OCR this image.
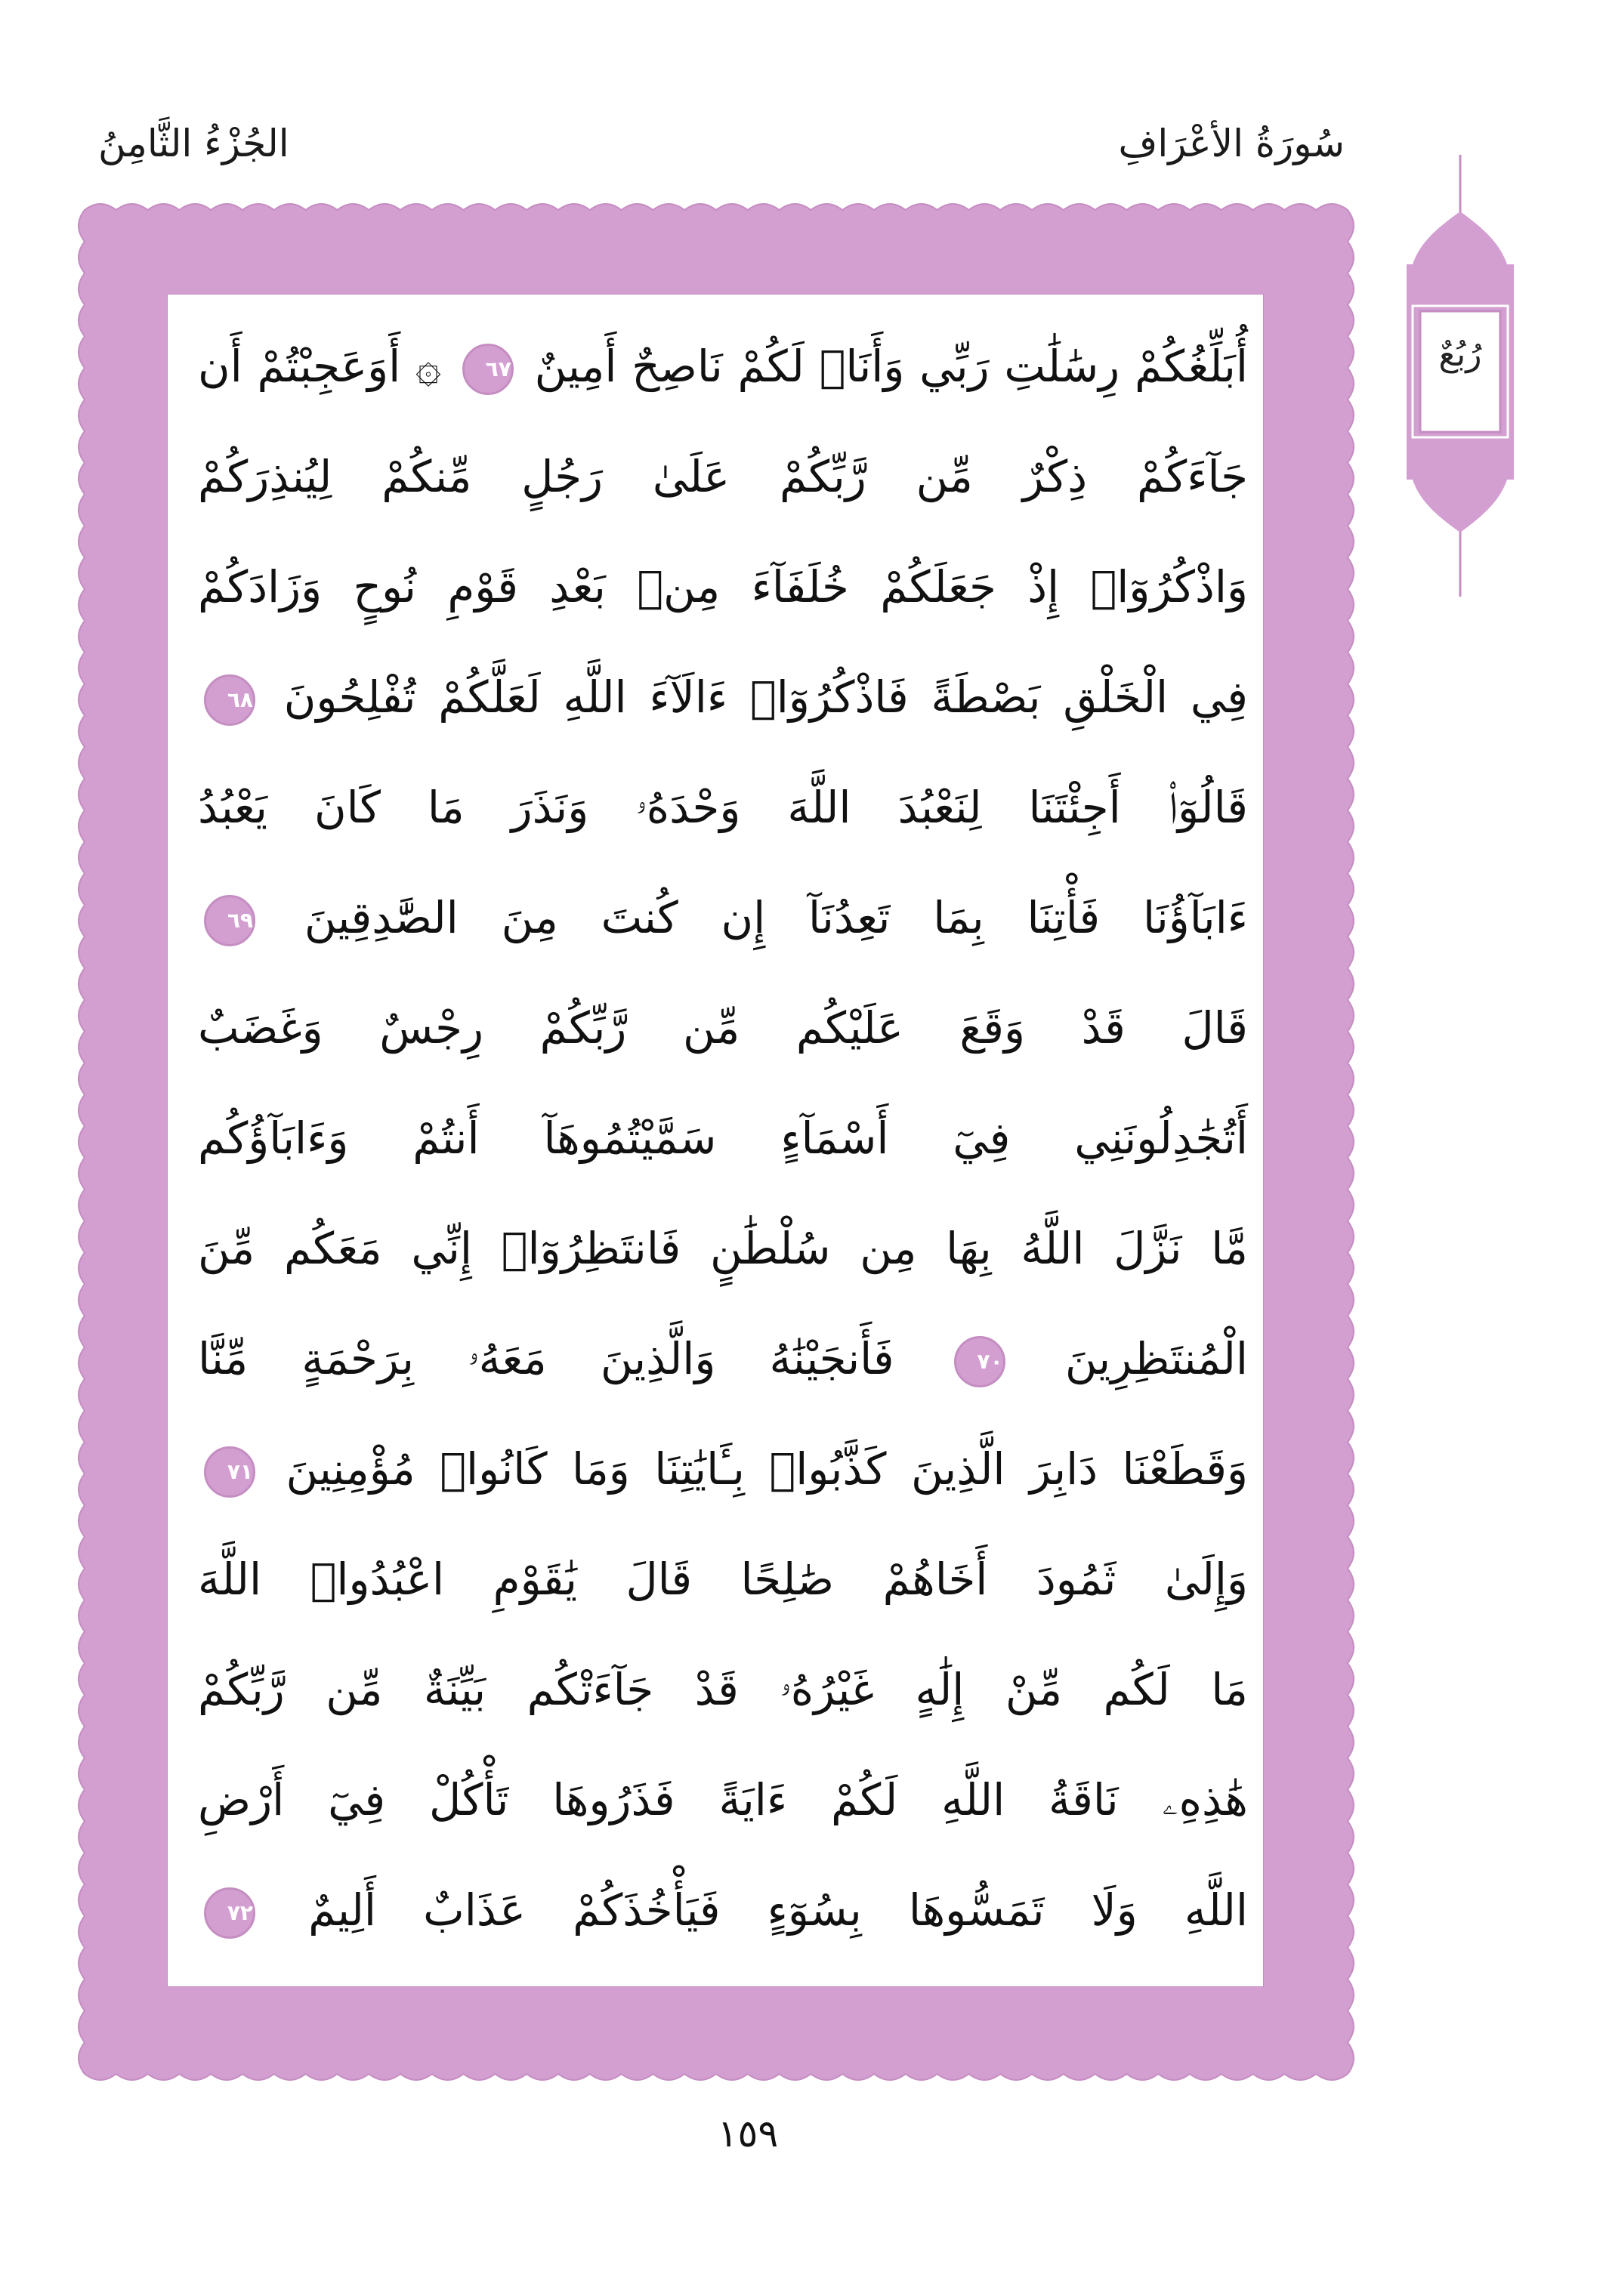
سُورَةُ الأعْرَافِ
الجُزْءُ الثَّامِنُ
رُبُعٌ
أُبَلِّغُكُمْ رِسَٰلَٰتِ رَبِّي وَأَنَا۠ لَكُمْ نَاصِحٌ أَمِينٌ ٦٧ ۞ أَوَعَجِبْتُمْ أَن
جَآءَكُمْ ذِكْرٌ مِّن رَّبِّكُمْ عَلَىٰ رَجُلٍ مِّنكُمْ لِيُنذِرَكُمْ
وَاذْكُرُوٓا۟ إِذْ جَعَلَكُمْ خُلَفَآءَ مِنۢ بَعْدِ قَوْمِ نُوحٍ وَزَادَكُمْ
فِي الْخَلْقِ بَصْطَةً فَاذْكُرُوٓا۟ ءَالَآءَ اللَّهِ لَعَلَّكُمْ تُفْلِحُونَ ٦٨
قَالُوٓا۟ أَجِئْتَنَا لِنَعْبُدَ اللَّهَ وَحْدَهُۥ وَنَذَرَ مَا كَانَ يَعْبُدُ
ءَابَآؤُنَا فَأْتِنَا بِمَا تَعِدُنَآ إِن كُنتَ مِنَ الصَّٰدِقِينَ ٦٩
قَالَ قَدْ وَقَعَ عَلَيْكُم مِّن رَّبِّكُمْ رِجْسٌ وَغَضَبٌ
أَتُجَٰدِلُونَنِي فِيٓ أَسْمَآءٍ سَمَّيْتُمُوهَآ أَنتُمْ وَءَابَآؤُكُم
مَّا نَزَّلَ اللَّهُ بِهَا مِن سُلْطَٰنٍ فَانتَظِرُوٓا۟ إِنِّي مَعَكُم مِّنَ
الْمُنتَظِرِينَ ٧٠ فَأَنجَيْنَٰهُ وَالَّذِينَ مَعَهُۥ بِرَحْمَةٍ مِّنَّا
وَقَطَعْنَا دَابِرَ الَّذِينَ كَذَّبُوا۟ بِـَٔايَٰتِنَا وَمَا كَانُوا۟ مُؤْمِنِينَ ٧١
وَإِلَىٰ ثَمُودَ أَخَاهُمْ صَٰلِحًا قَالَ يَٰقَوْمِ اعْبُدُوا۟ اللَّهَ
مَا لَكُم مِّنْ إِلَٰهٍ غَيْرُهُۥ قَدْ جَآءَتْكُم بَيِّنَةٌ مِّن رَّبِّكُمْ
هَٰذِهِۦ نَاقَةُ اللَّهِ لَكُمْ ءَايَةً فَذَرُوهَا تَأْكُلْ فِيٓ أَرْضِ
اللَّهِ وَلَا تَمَسُّوهَا بِسُوٓءٍ فَيَأْخُذَكُمْ عَذَابٌ أَلِيمٌ ٧٢
١٥٩
